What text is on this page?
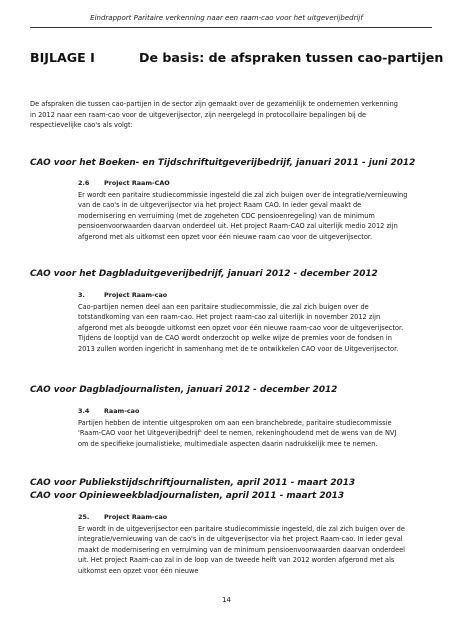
Eindrapport Paritaire verkenning naar een raam-cao voor het uitgeverijbedrijf
BIJLAGE I	De basis: de afspraken tussen cao-partijen
De afspraken die tussen cao-partijen in de sector zijn gemaakt over de gezamenlijk te ondernemen verkenning in 2012 naar een raam-cao voor de uitgeverijsector, zijn neergelegd in protocollaire bepalingen bij de respectievelijke cao's als volgt:
CAO voor het Boeken- en Tijdschriftuitgeverijbedrijf, januari 2011 - juni 2012
2.6 Project Raam-CAO
Er wordt een paritaire studiecommissie ingesteld die zal zich buigen over de integratie/vernieuwing van de cao's in de uitgeverijsector via het project Raam CAO. In ieder geval maakt de modernisering en verruiming (met de zogeheten CDC pensioenregeling) van de minimum pensioenvoorwaarden daarvan onderdeel uit. Het project Raam-CAO zal uiterlijk medio 2012 zijn afgerond met als uitkomst een opzet voor één nieuwe raam cao voor de uitgeverijsector.
CAO voor het Dagbladuitgeverijbedrijf, januari 2012 - december 2012
3.	Project Raam-cao
Cao-partijen nemen deel aan een paritaire studiecommissie, die zal zich buigen over de totstandkoming van een raam-cao. Het project raam-cao zal uiterlijk in november 2012 zijn afgerond met als beoogde uitkomst een opzet voor één nieuwe raam-cao voor de uitgeverijsector. Tijdens de looptijd van de CAO wordt onderzocht op welke wijze de premies voor de fondsen in 2013 zullen worden ingericht in samenhang met de te ontwikkelen CAO voor de Uitgeverijsector.
CAO voor Dagbladjournalisten, januari 2012 - december 2012
3.4 Raam-cao
Partijen hebben de intentie uitgesproken om aan een branchebrede, paritaire studiecommissie 'Raam-CAO voor het Uitgeverijbedrijf' deel te nemen, rekeninghoudend met de wens van de NVJ om de specifieke journalistieke, multimediale aspecten daarin nadrukkelijk mee te nemen.
CAO voor Publiekstijdschriftjournalisten, april 2011 - maart 2013
CAO voor Opinieweekbladjournalisten, april 2011 - maart 2013
25. Project Raam-cao
Er wordt in de uitgeverijsector een paritaire studiecommissie ingesteld, die zal zich buigen over de integratie/vernieuwing van de cao's in de uitgeverijsector via het project Raam-cao. In ieder geval maakt de modernisering en verruiming van de minimum pensioenvoorwaarden daarvan onderdeel uit. Het project Raam-cao zal in de loop van de tweede helft van 2012 worden afgerond met als uitkomst een opzet voor één nieuwe
14
